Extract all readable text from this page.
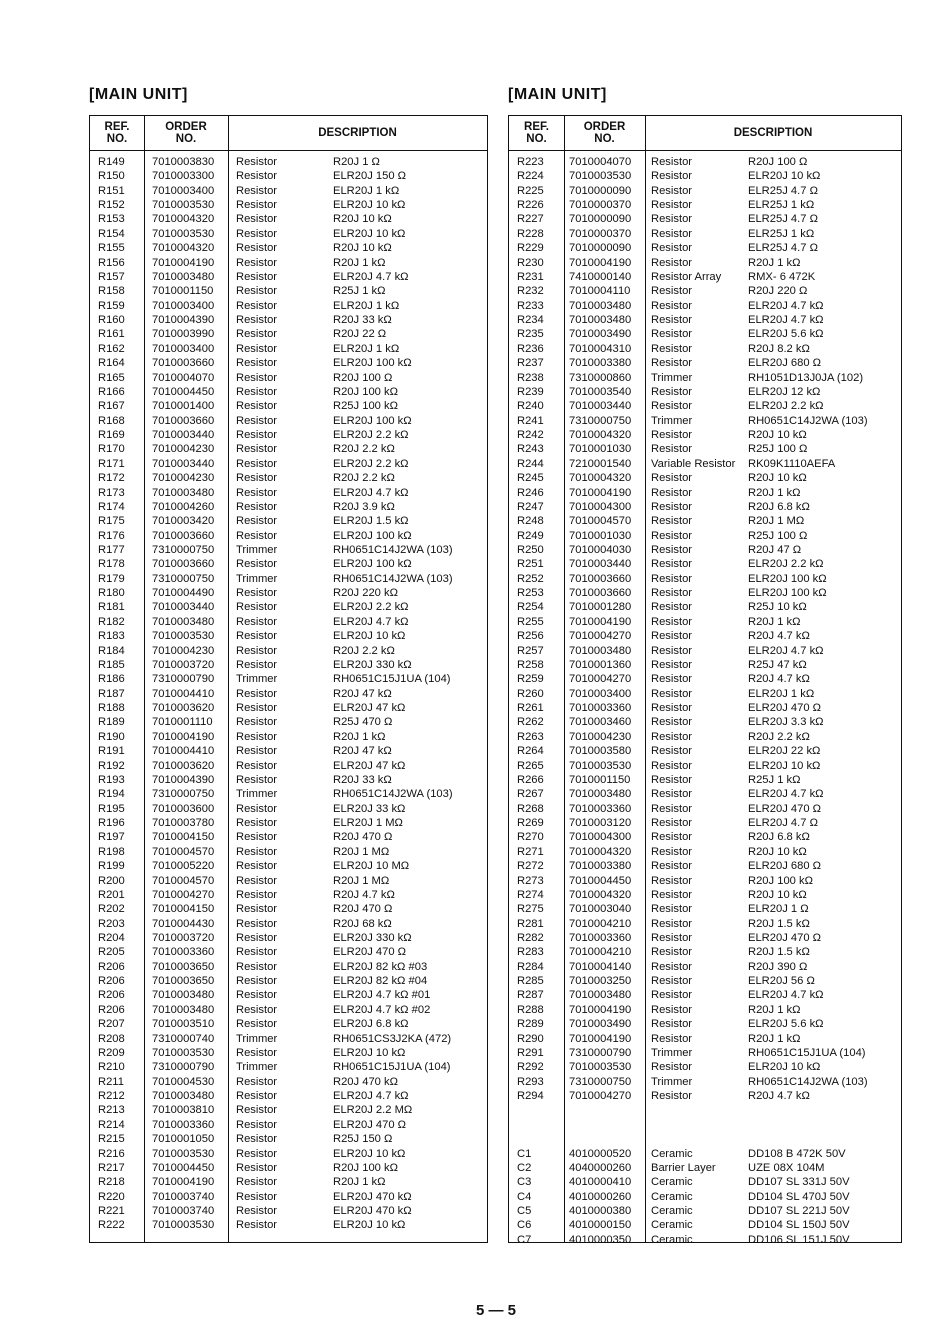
[MAIN UNIT]	[MAIN UNIT]
REF.
NO.
ORDER
NO.	DESCRIPTION
R149 7010003830 Resistor	R20J 1 Ω
R150 7010003300 Resistor	ELR20J 150 Ω
R151 7010003400 Resistor	ELR20J 1 kΩ
R152 7010003530 Resistor	ELR20J 10 kΩ
R153 7010004320 Resistor	R20J 10 kΩ
R154 7010003530 Resistor	ELR20J 10 kΩ
R155 7010004320 Resistor	R20J 10 kΩ
R156 7010004190 Resistor	R20J 1 kΩ
R157 7010003480 Resistor	ELR20J 4.7 kΩ
R158 7010001150 Resistor	R25J 1 kΩ
R159 7010003400 Resistor	ELR20J 1 kΩ
R160 7010004390 Resistor	R20J 33 kΩ
R161 7010003990 Resistor	R20J 22 Ω
R162 7010003400 Resistor	ELR20J 1 kΩ
R164 7010003660 Resistor	ELR20J 100 kΩ
R165 7010004070 Resistor	R20J 100 Ω
R166 7010004450 Resistor	R20J 100 kΩ
R167 7010001400 Resistor	R25J 100 kΩ
R168 7010003660 Resistor	ELR20J 100 kΩ
R169 7010003440 Resistor	ELR20J 2.2 kΩ
R170 7010004230 Resistor	R20J 2.2 kΩ
R171 7010003440 Resistor	ELR20J 2.2 kΩ
R172 7010004230 Resistor	R20J 2.2 kΩ
R173 7010003480 Resistor	ELR20J 4.7 kΩ
R174 7010004260 Resistor	R20J 3.9 kΩ
R175 7010003420 Resistor	ELR20J 1.5 kΩ
R176 7010003660 Resistor	ELR20J 100 kΩ
R177 7310000750 Trimmer	RH0651C14J2WA (103)
R178 7010003660 Resistor	ELR20J 100 kΩ
R179 7310000750 Trimmer	RH0651C14J2WA (103)
R180 7010004490 Resistor	R20J 220 kΩ
R181 7010003440 Resistor	ELR20J 2.2 kΩ
R182 7010003480 Resistor	ELR20J 4.7 kΩ
R183 7010003530 Resistor	ELR20J 10 kΩ
R184 7010004230 Resistor	R20J 2.2 kΩ
R185 7010003720 Resistor	ELR20J 330 kΩ
R186 7310000790 Trimmer	RH0651C15J1UA (104)
R187 7010004410 Resistor	R20J 47 kΩ
R188 7010003620 Resistor	ELR20J 47 kΩ
R189 7010001110 Resistor	R25J 470 Ω
R190 7010004190 Resistor	R20J 1 kΩ
R191 7010004410 Resistor	R20J 47 kΩ
R192 7010003620 Resistor	ELR20J 47 kΩ
R193 7010004390 Resistor	R20J 33 kΩ
R194 7310000750 Trimmer	RH0651C14J2WA (103)
R195 7010003600 Resistor	ELR20J 33 kΩ
R196 7010003780 Resistor	ELR20J 1 MΩ
R197 7010004150 Resistor	R20J 470 Ω
R198 7010004570 Resistor	R20J 1 MΩ
R199 7010005220 Resistor	ELR20J 10 MΩ
R200 7010004570 Resistor	R20J 1 MΩ
R201 7010004270 Resistor	R20J 4.7 kΩ
R202 7010004150 Resistor	R20J 470 Ω
R203 7010004430 Resistor	R20J 68 kΩ
R204 7010003720 Resistor	ELR20J 330 kΩ
R205 7010003360 Resistor	ELR20J 470 Ω
R206 7010003650 Resistor	ELR20J 82 kΩ #03
R206 7010003650 Resistor	ELR20J 82 kΩ #04
R206 7010003480 Resistor	ELR20J 4.7 kΩ #01
R206 7010003480 Resistor	ELR20J 4.7 kΩ #02
R207 7010003510 Resistor	ELR20J 6.8 kΩ
R208 7310000740 Trimmer	RH0651CS3J2KA (472)
R209 7010003530 Resistor	ELR20J 10 kΩ
R210 7310000790 Trimmer	RH0651C15J1UA (104)
R211	7010004530 Resistor	R20J 470 kΩ
R212 7010003480 Resistor	ELR20J 4.7 kΩ
R213 7010003810 Resistor	ELR20J 2.2 MΩ
R214 7010003360 Resistor	ELR20J 470 Ω
R215 7010001050 Resistor	R25J 150 Ω
R216 7010003530 Resistor	ELR20J 10 kΩ
R217 7010004450 Resistor	R20J 100 kΩ
R218 7010004190 Resistor	R20J 1 kΩ
R220 7010003740 Resistor	ELR20J 470 kΩ
R221 7010003740 Resistor	ELR20J 470 kΩ
R222 7010003530 Resistor	ELR20J 10 kΩ
REF.
NO.
ORDER
NO.	DESCRIPTION
R223 7010004070 Resistor	R20J 100 Ω
R224 7010003530 Resistor	ELR20J 10 kΩ
R225 7010000090 Resistor	ELR25J 4.7 Ω
R226 7010000370 Resistor	ELR25J 1 kΩ
R227 7010000090 Resistor	ELR25J 4.7 Ω
R228 7010000370 Resistor	ELR25J 1 kΩ
R229 7010000090 Resistor	ELR25J 4.7 Ω
R230 7010004190 Resistor	R20J 1 kΩ
R231 7410000140 Resistor Array RMX- 6 472K
R232 7010004110 Resistor	R20J 220 Ω
R233 7010003480 Resistor	ELR20J 4.7 kΩ
R234 7010003480 Resistor	ELR20J 4.7 kΩ
R235 7010003490 Resistor	ELR20J 5.6 kΩ
R236 7010004310 Resistor	R20J 8.2 kΩ
R237 7010003380 Resistor	ELR20J 680 Ω
R238 7310000860 Trimmer	RH1051D13J0JA (102)
R239 7010003540 Resistor	ELR20J 12 kΩ
R240 7010003440 Resistor	ELR20J 2.2 kΩ
R241 7310000750 Trimmer	RH0651C14J2WA (103)
R242 7010004320 Resistor	R20J 10 kΩ
R243 7010001030 Resistor	R25J 100 Ω
R244 7210001540 Variable Resistor RK09K1110AEFA
R245 7010004320 Resistor	R20J 10 kΩ
R246 7010004190 Resistor	R20J 1 kΩ
R247 7010004300 Resistor	R20J 6.8 kΩ
R248 7010004570 Resistor	R20J 1 MΩ
R249 7010001030 Resistor	R25J 100 Ω
R250 7010004030 Resistor	R20J 47 Ω
R251 7010003440 Resistor	ELR20J 2.2 kΩ
R252 7010003660 Resistor	ELR20J 100 kΩ
R253 7010003660 Resistor	ELR20J 100 kΩ
R254 7010001280 Resistor	R25J 10 kΩ
R255 7010004190 Resistor	R20J 1 kΩ
R256 7010004270 Resistor	R20J 4.7 kΩ
R257 7010003480 Resistor	ELR20J 4.7 kΩ
R258 7010001360 Resistor	R25J 47 kΩ
R259 7010004270 Resistor	R20J 4.7 kΩ
R260 7010003400 Resistor	ELR20J 1 kΩ
R261 7010003360 Resistor	ELR20J 470 Ω
R262 7010003460 Resistor	ELR20J 3.3 kΩ
R263 7010004230 Resistor	R20J 2.2 kΩ
R264 7010003580 Resistor	ELR20J 22 kΩ
R265 7010003530 Resistor	ELR20J 10 kΩ
R266 7010001150 Resistor	R25J 1 kΩ
R267 7010003480 Resistor	ELR20J 4.7 kΩ
R268 7010003360 Resistor	ELR20J 470 Ω
R269 7010003120 Resistor	ELR20J 4.7 Ω
R270 7010004300 Resistor	R20J 6.8 kΩ
R271 7010004320 Resistor	R20J 10 kΩ
R272 7010003380 Resistor	ELR20J 680 Ω
R273 7010004450 Resistor	R20J 100 kΩ
R274 7010004320 Resistor	R20J 10 kΩ
R275 7010003040 Resistor	ELR20J 1 Ω
R281 7010004210 Resistor	R20J 1.5 kΩ
R282 7010003360 Resistor	ELR20J 470 Ω
R283 7010004210 Resistor	R20J 1.5 kΩ
R284 7010004140 Resistor	R20J 390 Ω
R285 7010003250 Resistor	ELR20J 56 Ω
R287 7010003480 Resistor	ELR20J 4.7 kΩ
R288 7010004190 Resistor	R20J 1 kΩ
R289 7010003490 Resistor	ELR20J 5.6 kΩ
R290 7010004190 Resistor	R20J 1 kΩ
R291 7310000790 Trimmer	RH0651C15J1UA (104)
R292 7010003530 Resistor	ELR20J 10 kΩ
R293 7310000750 Trimmer	RH0651C14J2WA (103)
R294 7010004270 Resistor	R20J 4.7 kΩ
C1	4010000520 Ceramic	DD108 B 472K 50V
C2	4040000260 Barrier Layer	UZE 08X 104M
C3	4010000410 Ceramic	DD107 SL 331J 50V
C4	4010000260 Ceramic	DD104 SL 470J 50V
C5	4010000380 Ceramic	DD107 SL 221J 50V
C6	4010000150 Ceramic	DD104 SL 150J 50V
C7	4010000350 Ceramic	DD106 SL 151J 50V
5 — 5
